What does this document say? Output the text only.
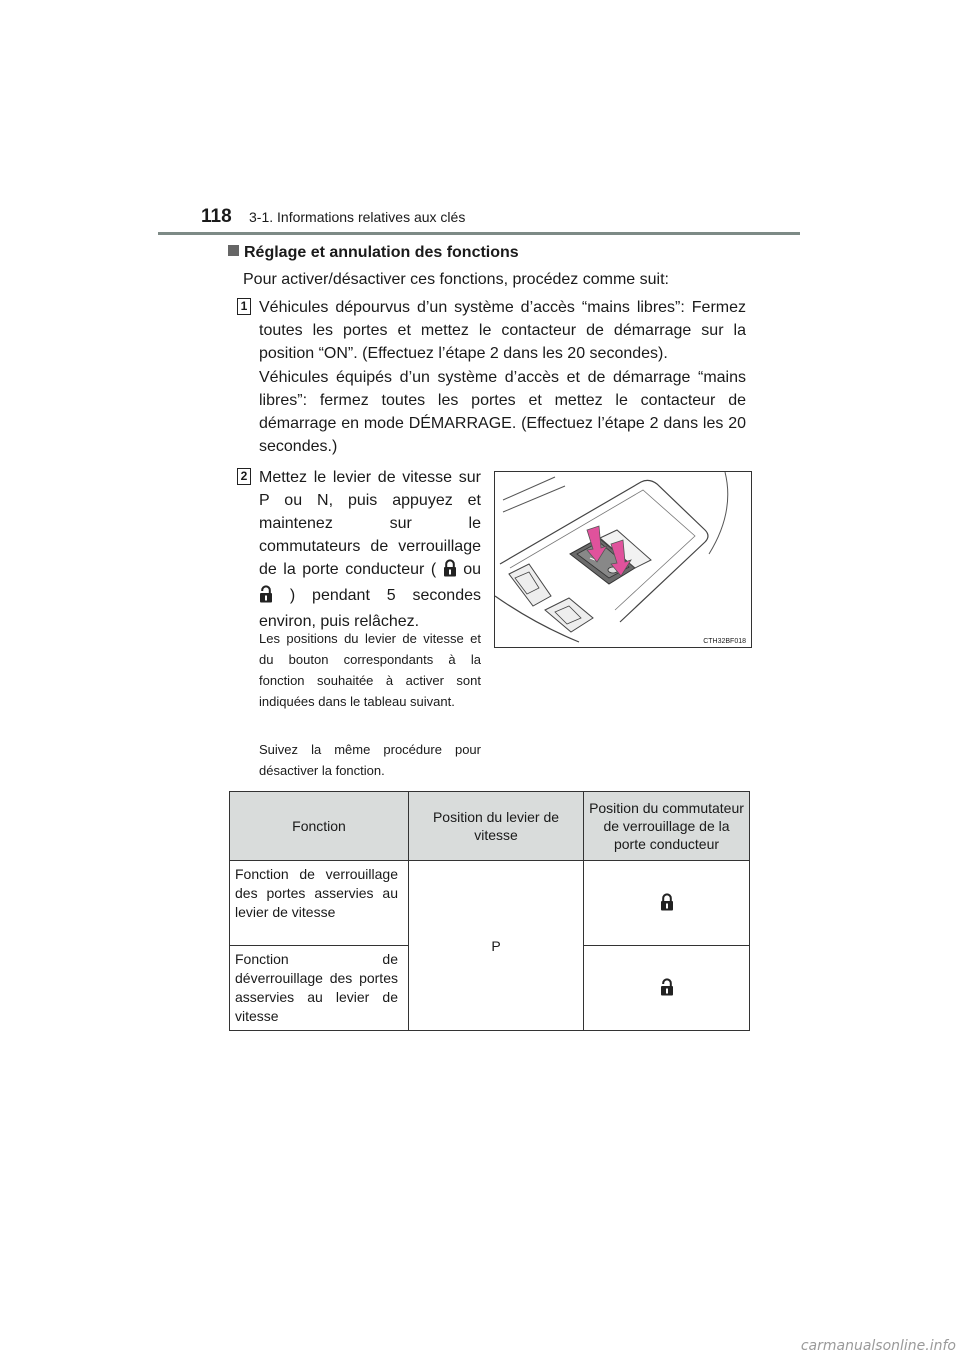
118 3-1. Informations relatives aux clés
Réglage et annulation des fonctions
Pour activer/désactiver ces fonctions, procédez comme suit:
1 Véhicules dépourvus d’un système d’accès “mains libres”: Fermez toutes les portes et mettez le contacteur de démarrage sur la position “ON”. (Effectuez l’étape 2 dans les 20 secondes).
Véhicules équipés d’un système d’accès et de démarrage “mains libres”: fermez toutes les portes et mettez le contacteur de démarrage en mode DÉMARRAGE. (Effectuez l’étape 2 dans les 20 secondes.)
2 Mettez le levier de vitesse sur P ou N, puis appuyez et maintenez sur le commutateurs de verrouillage de la porte conducteur ( ou  ) pendant 5 secondes environ, puis relâchez.
Les positions du levier de vitesse et du bouton correspondants à la fonction souhaitée à activer sont indiquées dans le tableau suivant.
Suivez la même procédure pour désactiver la fonction.
CTH32BF018
Fonction	Position du levier de vitesse	Position du commutateur de verrouillage de la porte conducteur
Fonction de verrouillage des portes asservies au levier de vitesse	P	
Fonction de déverrouillage des portes asservies au levier de vitesse	
carmanualsonline.info
